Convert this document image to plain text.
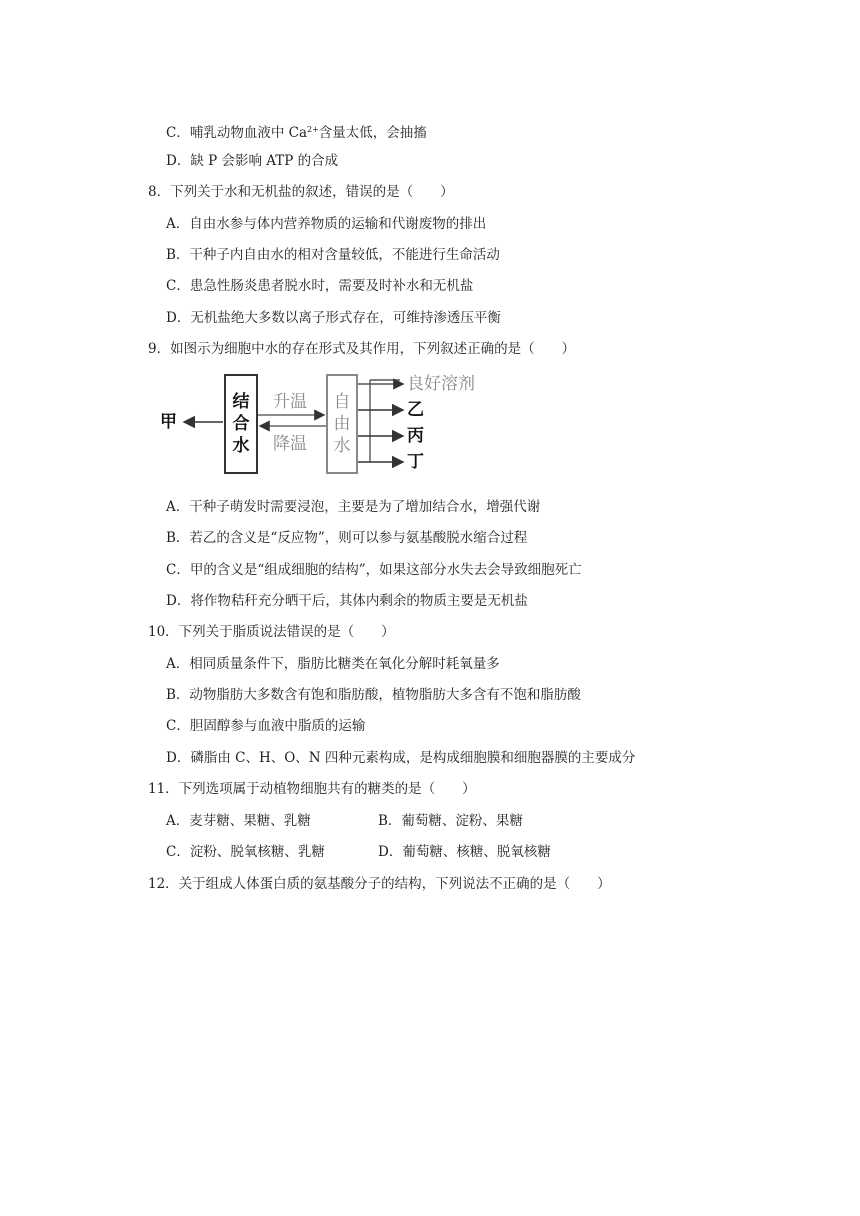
C．哺乳动物血液中 $Ca^{2+}$含量太低，会抽搐
D．缺 P 会影响 ATP 的合成
8．下列关于水和无机盐的叙述，错误的是（　　）
A．自由水参与体内营养物质的运输和代谢废物的排出
B．干种子内自由水的相对含量较低，不能进行生命活动
C．患急性肠炎患者脱水时，需要及时补水和无机盐
D．无机盐绝大多数以离子形式存在，可维持渗透压平衡
9．如图示为细胞中水的存在形式及其作用，下列叙述正确的是（　　）
结
合
水
自
由
水
甲
升温
降温
良好溶剂
乙
丙
丁
A．干种子萌发时需要浸泡，主要是为了增加结合水，增强代谢
B．若乙的含义是“反应物”，则可以参与氨基酸脱水缩合过程
C．甲的含义是“组成细胞的结构”，如果这部分水失去会导致细胞死亡
D．将作物秸秆充分晒干后，其体内剩余的物质主要是无机盐
10．下列关于脂质说法错误的是（　　）
A．相同质量条件下，脂肪比糖类在氧化分解时耗氧量多
B．动物脂肪大多数含有饱和脂肪酸，植物脂肪大多含有不饱和脂肪酸
C．胆固醇参与血液中脂质的运输
D．磷脂由 C、H、O、N 四种元素构成，是构成细胞膜和细胞器膜的主要成分
11．下列选项属于动植物细胞共有的糖类的是（　　）
A．麦芽糖、果糖、乳糖	B．葡萄糖、淀粉、果糖
C．淀粉、脱氧核糖、乳糖	D．葡萄糖、核糖、脱氧核糖
12．关于组成人体蛋白质的氨基酸分子的结构，下列说法不正确的是（　　）
